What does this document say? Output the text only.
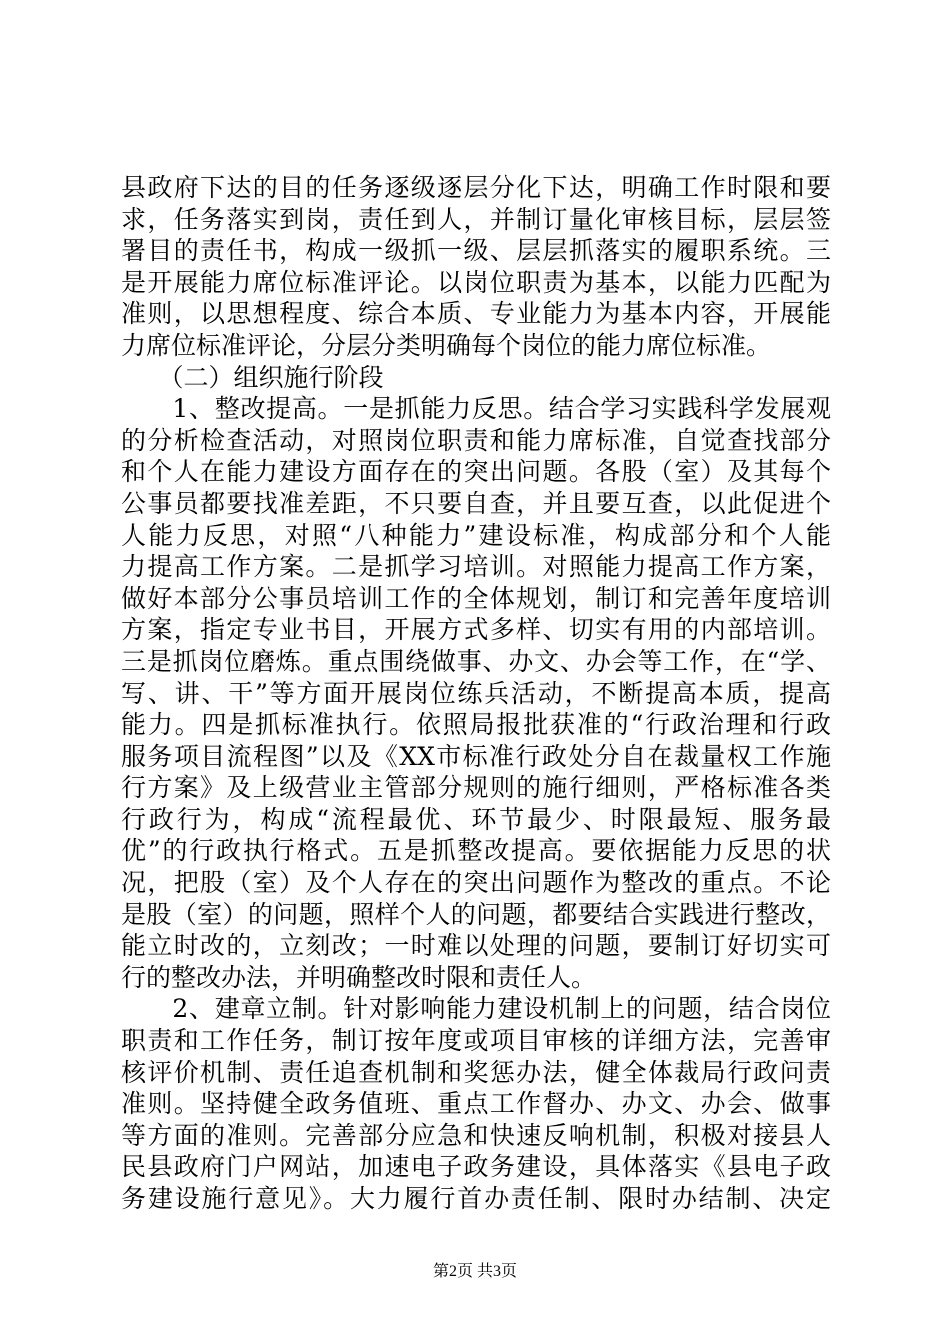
县政府下达的目的任务逐级逐层分化下达，明确工作时限和要
求，任务落实到岗，责任到人，并制订量化审核目标，层层签
署目的责任书，构成一级抓一级、层层抓落实的履职系统。三
是开展能力席位标准评论。以岗位职责为基本，以能力匹配为
准则，以思想程度、综合本质、专业能力为基本内容，开展能
力席位标准评论，分层分类明确每个岗位的能力席位标准。
　　（二）组织施行阶段
　　1、整改提高。一是抓能力反思。结合学习实践科学发展观
的分析检查活动，对照岗位职责和能力席标准，自觉查找部分
和个人在能力建设方面存在的突出问题。各股（室）及其每个
公事员都要找准差距，不只要自查，并且要互查，以此促进个
人能力反思，对照“八种能力”建设标准，构成部分和个人能
力提高工作方案。二是抓学习培训。对照能力提高工作方案，
做好本部分公事员培训工作的全体规划，制订和完善年度培训
方案，指定专业书目，开展方式多样、切实有用的内部培训。
三是抓岗位磨炼。重点围绕做事、办文、办会等工作，在“学、
写、讲、干”等方面开展岗位练兵活动，不断提高本质，提高
能力。四是抓标准执行。依照局报批获准的“行政治理和行政
服务项目流程图”以及《XX市标准行政处分自在裁量权工作施
行方案》及上级营业主管部分规则的施行细则，严格标准各类
行政行为，构成“流程最优、环节最少、时限最短、服务最
优”的行政执行格式。五是抓整改提高。要依据能力反思的状
况，把股（室）及个人存在的突出问题作为整改的重点。不论
是股（室）的问题，照样个人的问题，都要结合实践进行整改，
能立时改的，立刻改；一时难以处理的问题，要制订好切实可
行的整改办法，并明确整改时限和责任人。
　　2、建章立制。针对影响能力建设机制上的问题，结合岗位
职责和工作任务，制订按年度或项目审核的详细方法，完善审
核评价机制、责任追查机制和奖惩办法，健全体裁局行政问责
准则。坚持健全政务值班、重点工作督办、办文、办会、做事
等方面的准则。完善部分应急和快速反响机制，积极对接县人
民县政府门户网站，加速电子政务建设，具体落实《县电子政
务建设施行意见》。大力履行首办责任制、限时办结制、决定
第2页 共3页
